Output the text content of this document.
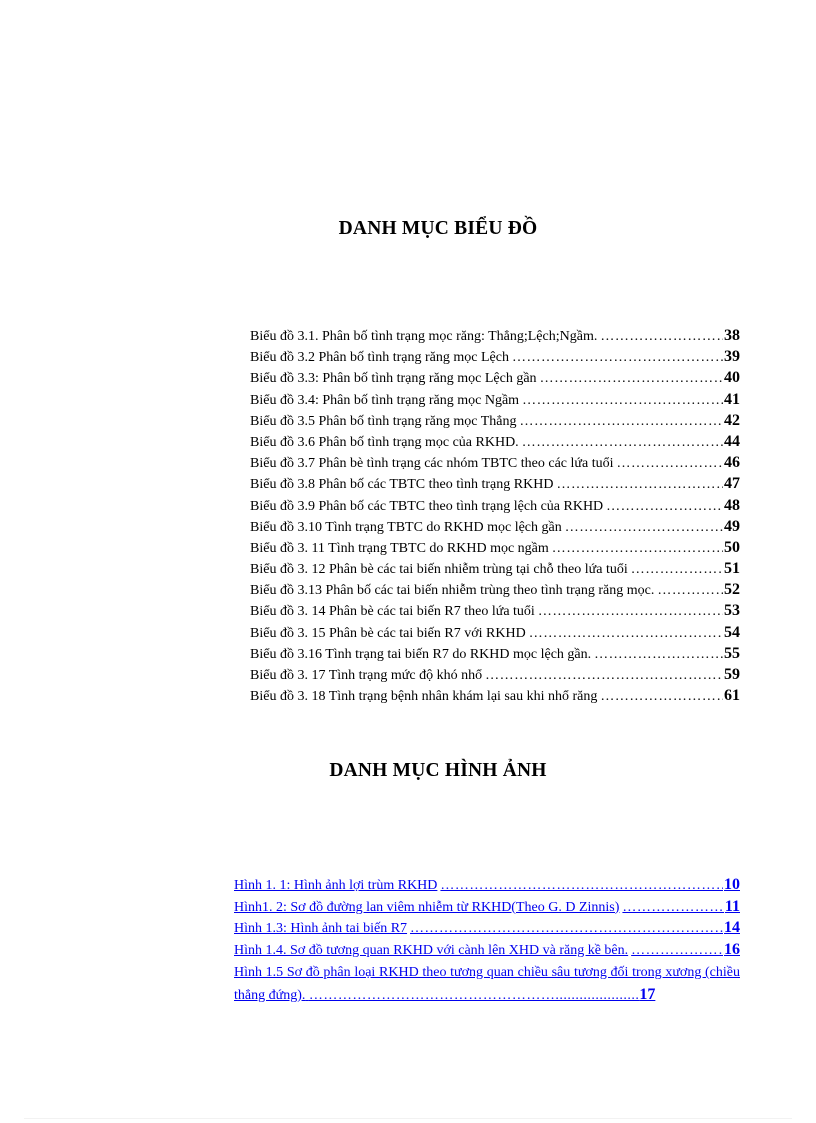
DANH MỤC BIỂU ĐỒ
Biểu đồ 3.1. Phân bố tình trạng mọc răng: Thẳng;Lệch;Ngầm. ………………………………………………………………………………………………………………………………	38
Biểu đồ 3.2 Phân bố tình trạng răng mọc Lệch ………………………………………………………………………………………………………………………………	39
Biểu đồ 3.3: Phân bố tình trạng răng mọc Lệch gần ………………………………………………………………………………………………………………………………	40
Biểu đồ 3.4: Phân bố tình trạng răng mọc Ngầm ………………………………………………………………………………………………………………………………	41
Biểu đồ 3.5 Phân bố tình trạng răng mọc Thẳng ………………………………………………………………………………………………………………………………	42
Biểu đồ 3.6 Phân bố tình trạng mọc của RKHD. ………………………………………………………………………………………………………………………………	44
Biểu đồ 3.7 Phân bè tình trạng các nhóm TBTC theo các lứa tuổi ………………………………………………………………………………………………………………………………	46
Biểu đồ 3.8 Phân bố các TBTC theo tình trạng RKHD ………………………………………………………………………………………………………………………………	47
Biểu đồ 3.9 Phân bố các TBTC theo tình trạng lệch của RKHD ………………………………………………………………………………………………………………………………	48
Biểu đồ 3.10 Tình trạng TBTC do RKHD mọc lệch gần ………………………………………………………………………………………………………………………………	49
Biểu đồ 3. 11 Tình trạng TBTC do RKHD mọc ngầm ………………………………………………………………………………………………………………………………	50
Biểu đồ 3. 12 Phân bè các tai biến nhiễm trùng tại chỗ theo lứa tuổi ………………………………………………………………………………………………………………………………	51
Biểu đồ 3.13 Phân bố các tai biến nhiễm trùng theo tình trạng răng mọc. ………………………………………………………………………………………………………………………………	52
Biểu đồ 3. 14 Phân bè các tai biến R7 theo lứa tuổi ………………………………………………………………………………………………………………………………	53
Biểu đồ 3. 15 Phân bè các tai biến R7 với RKHD ………………………………………………………………………………………………………………………………	54
Biểu đồ 3.16 Tình trạng tai biến R7 do RKHD mọc lệch gần. ………………………………………………………………………………………………………………………………	55
Biểu đồ 3. 17 Tình trạng mức độ khó nhổ ………………………………………………………………………………………………………………………………	59
Biểu đồ 3. 18 Tình trạng bệnh nhân khám lại sau khi nhổ răng ………………………………………………………………………………………………………………………………	61
DANH MỤC HÌNH ẢNH
Hình 1. 1: Hình ảnh lợi trùm RKHD ………………………………………………………………………………………………………………………………	10
Hình1. 2: Sơ đồ đường lan viêm nhiễm từ RKHD(Theo G. D Zinnis) ………………………………………………………………………………………………………………………………	11
Hình 1.3: Hình ảnh tai biến R7 ………………………………………………………………………………………………………………………………	14
Hình 1.4. Sơ đồ tương quan RKHD với cành lên XHD và răng kề bên. ………………………………………………………………………………………………………………………………	16
Hình 1.5 Sơ đồ phân loại RKHD theo tương quan chiều sâu tương đối trong xương (chiều thẳng đứng). …………………………………………….....................17
